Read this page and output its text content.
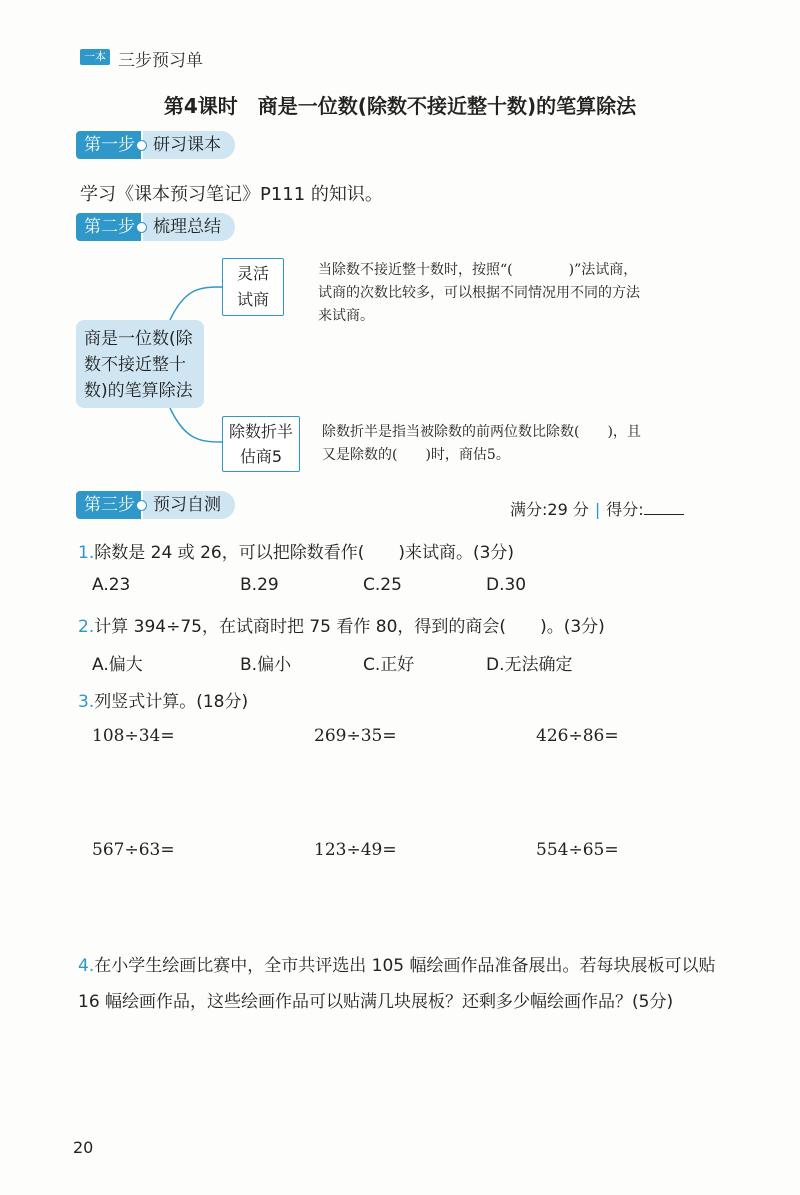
一本 三步预习单
第4课时　商是一位数(除数不接近整十数)的笔算除法
第一步	研习课本
学习《课本预习笔记》P111 的知识。
第二步	梳理总结
商是一位数(除
数不接近整十
数)的笔算除法
灵活
试商
当除数不接近整十数时，按照“(　　　　)”法试商，
试商的次数比较多，可以根据不同情况用不同的方法
来试商。
除数折半
估商5
除数折半是指当被除数的前两位数比除数(　　)，且
又是除数的(　　)时，商估5。
第三步	预习自测	满分:29 分 | 得分:
1.除数是 24 或 26，可以把除数看作(　　)来试商。(3分)
A.23	B.29	C.25	D.30
2.计算 394÷75，在试商时把 75 看作 80，得到的商会(　　)。(3分)
A.偏大	B.偏小	C.正好	D.无法确定
3.列竖式计算。(18分)
108÷34=	269÷35=	426÷86=
567÷63=	123÷49=	554÷65=
4.在小学生绘画比赛中，全市共评选出 105 幅绘画作品准备展出。若每块展板可以贴 16 幅绘画作品，这些绘画作品可以贴满几块展板？还剩多少幅绘画作品？(5分)
20
